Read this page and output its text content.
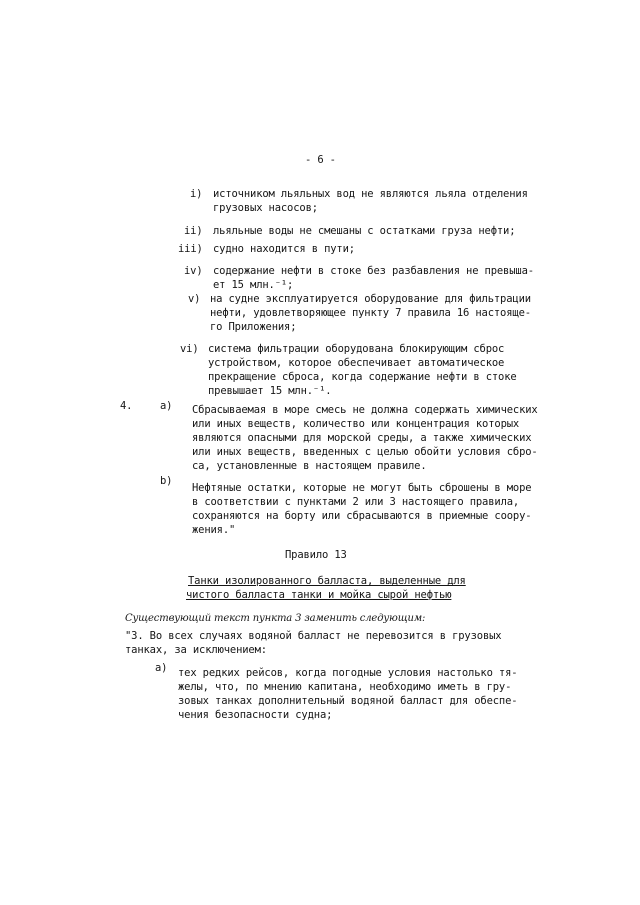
- 6 -
i) источником льяльных вод не являются льяла отделения
грузовых насосов;
ii) льяльные воды не смешаны с остатками груза нефти;
iii) судно находится в пути;
iv) содержание нефти в стоке без разбавления не превыша-
ет 15 млн.⁻¹;
v) на судне эксплуатируется оборудование для фильтрации
нефти, удовлетворяющее пункту 7 правила 16 настояще-
го Приложения;
vi) система фильтрации оборудована блокирующим сброс
устройством, которое обеспечивает автоматическое
прекращение сброса, когда содержание нефти в стоке
превышает 15 млн.⁻¹.
4.	a) Сбрасываемая в море смесь не должна содержать химических
или иных веществ, количество или концентрация которых
являются опасными для морской среды, а также химических
или иных веществ, введенных с целью обойти условия сбро-
са, установленные в настоящем правиле.
b)
Нефтяные остатки, которые не могут быть сброшены в море
в соответствии с пунктами 2 или 3 настоящего правила,
сохраняются на борту или сбрасываются в приемные соору-
жения."
Правило 13
Танки изолированного балласта, выделенные для
чистого балласта танки и мойка сырой нефтью
Существующий текст пункта 3 заменить следующим:
"3. Во всех случаях водяной балласт не перевозится в грузовых
танках, за исключением:
a) тех редких рейсов, когда погодные условия настолько тя-
желы, что, по мнению капитана, необходимо иметь в гру-
зовых танках дополнительный водяной балласт для обеспе-
чения безопасности судна;
